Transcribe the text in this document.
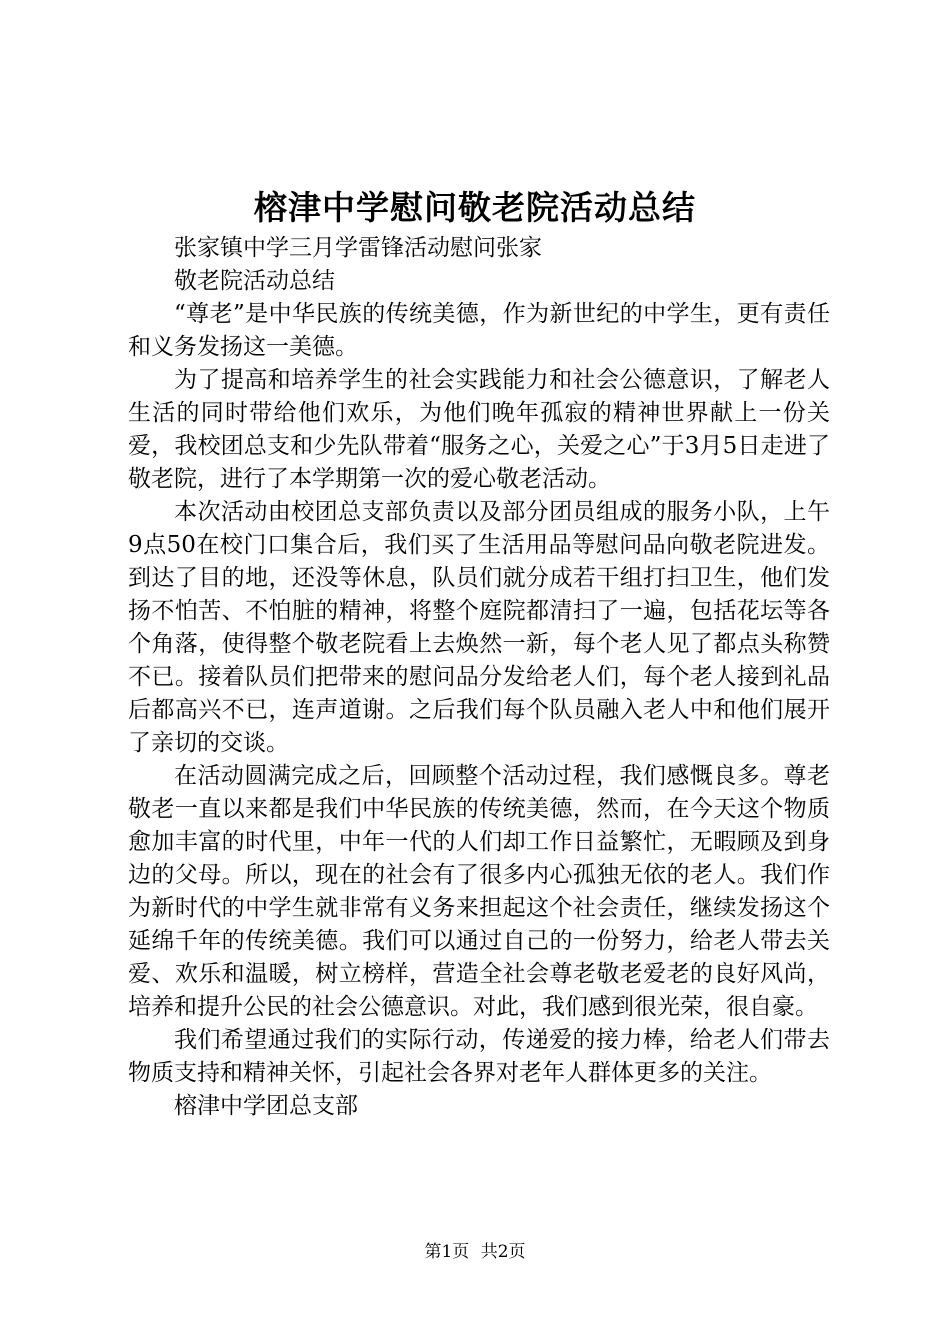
榕津中学慰问敬老院活动总结

张家镇中学三月学雷锋活动慰问张家

敬老院活动总结

“尊老”是中华民族的传统美德，作为新世纪的中学生，更有责任和义务发扬这一美德。

为了提高和培养学生的社会实践能力和社会公德意识，了解老人生活的同时带给他们欢乐，为他们晚年孤寂的精神世界献上一份关爱，我校团总支和少先队带着“服务之心，关爱之心”于3月5日走进了敬老院，进行了本学期第一次的爱心敬老活动。

本次活动由校团总支部负责以及部分团员组成的服务小队，上午9点50在校门口集合后，我们买了生活用品等慰问品向敬老院进发。到达了目的地，还没等休息，队员们就分成若干组打扫卫生，他们发扬不怕苦、不怕脏的精神，将整个庭院都清扫了一遍，包括花坛等各个角落，使得整个敬老院看上去焕然一新，每个老人见了都点头称赞不已。接着队员们把带来的慰问品分发给老人们，每个老人接到礼品后都高兴不已，连声道谢。之后我们每个队员融入老人中和他们展开了亲切的交谈。

在活动圆满完成之后，回顾整个活动过程，我们感慨良多。尊老敬老一直以来都是我们中华民族的传统美德，然而，在今天这个物质愈加丰富的时代里，中年一代的人们却工作日益繁忙，无暇顾及到身边的父母。所以，现在的社会有了很多内心孤独无依的老人。我们作为新时代的中学生就非常有义务来担起这个社会责任，继续发扬这个延绵千年的传统美德。我们可以通过自己的一份努力，给老人带去关爱、欢乐和温暖，树立榜样，营造全社会尊老敬老爱老的良好风尚，培养和提升公民的社会公德意识。对此，我们感到很光荣，很自豪。

我们希望通过我们的实际行动，传递爱的接力棒，给老人们带去物质支持和精神关怀，引起社会各界对老年人群体更多的关注。

榕津中学团总支部

第1页 共2页
